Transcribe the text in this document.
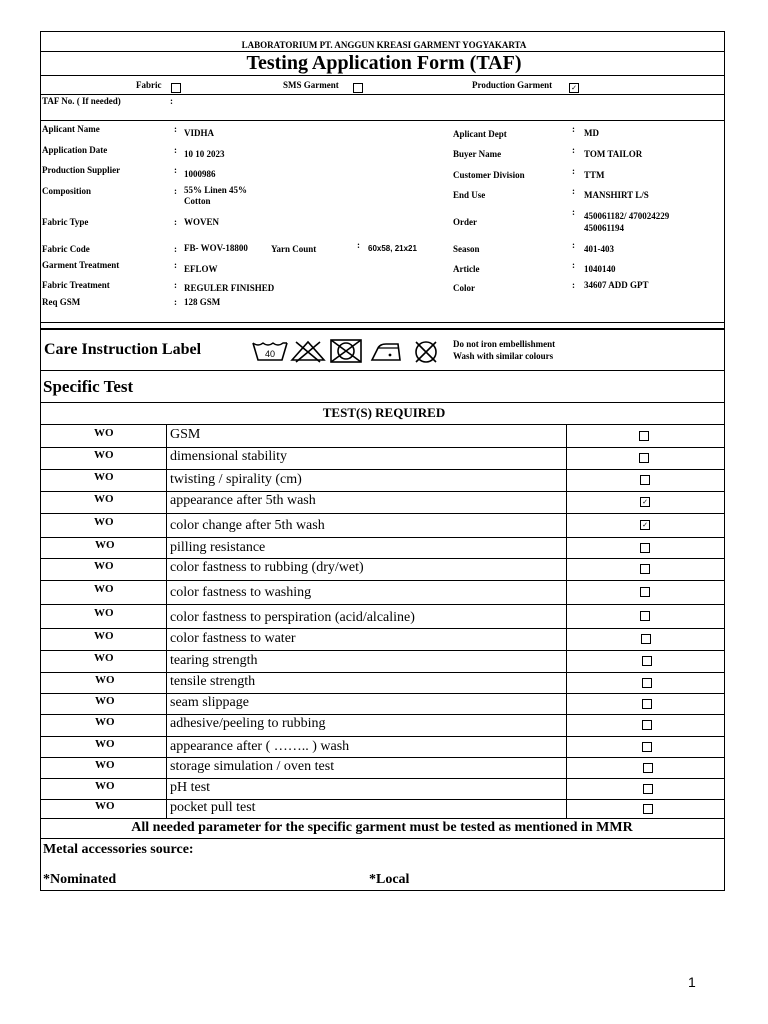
LABORATORIUM PT. ANGGUN KREASI GARMENT YOGYAKARTA
Testing Application Form (TAF)
Fabric	SMS Garment	Production Garment
✓
TAF No. ( If needed)	:
Aplicant Name	: VIDHA
Application Date	: 10 10 2023
Production Supplier	: 1000986
Composition	: 55% Linen 45%
Cotton
Fabric Type	: WOVEN
Fabric Code	: FB- WOV-18800	Yarn Count	: 60x58, 21x21
Garment Treatment	: EFLOW
Fabric Treatment	: REGULER FINISHED
Req GSM	: 128 GSM
Aplicant Dept	: MD
Buyer Name	: TOM TAILOR
Customer Division	: TTM
End Use	: MANSHIRT L/S
Order
: 450061182/ 470024229
450061194
Season	: 401-403
Article	: 1040140
Color	: 34607 ADD GPT
Care Instruction Label	40
Do not iron embellishment
Wash with similar colours
Specific Test
TEST(S) REQUIRED
WO	GSM
WO	dimensional stability
WO	twisting / spirality (cm)
WO	appearance after 5th wash
✓
WO	color change after 5th wash
✓
WO	pilling resistance
WO	color fastness to rubbing (dry/wet)
WO	color fastness to washing
WO	color fastness to perspiration (acid/alcaline)
WO	color fastness to water
WO	tearing strength
WO	tensile strength
WO	seam slippage
WO	adhesive/peeling to rubbing
WO	appearance after ( …….. ) wash
WO	storage simulation / oven test
WO	pH test
WO	pocket pull test
All needed parameter for the specific garment must be tested as mentioned in MMR
Metal accessories source:
*Nominated	*Local
1
